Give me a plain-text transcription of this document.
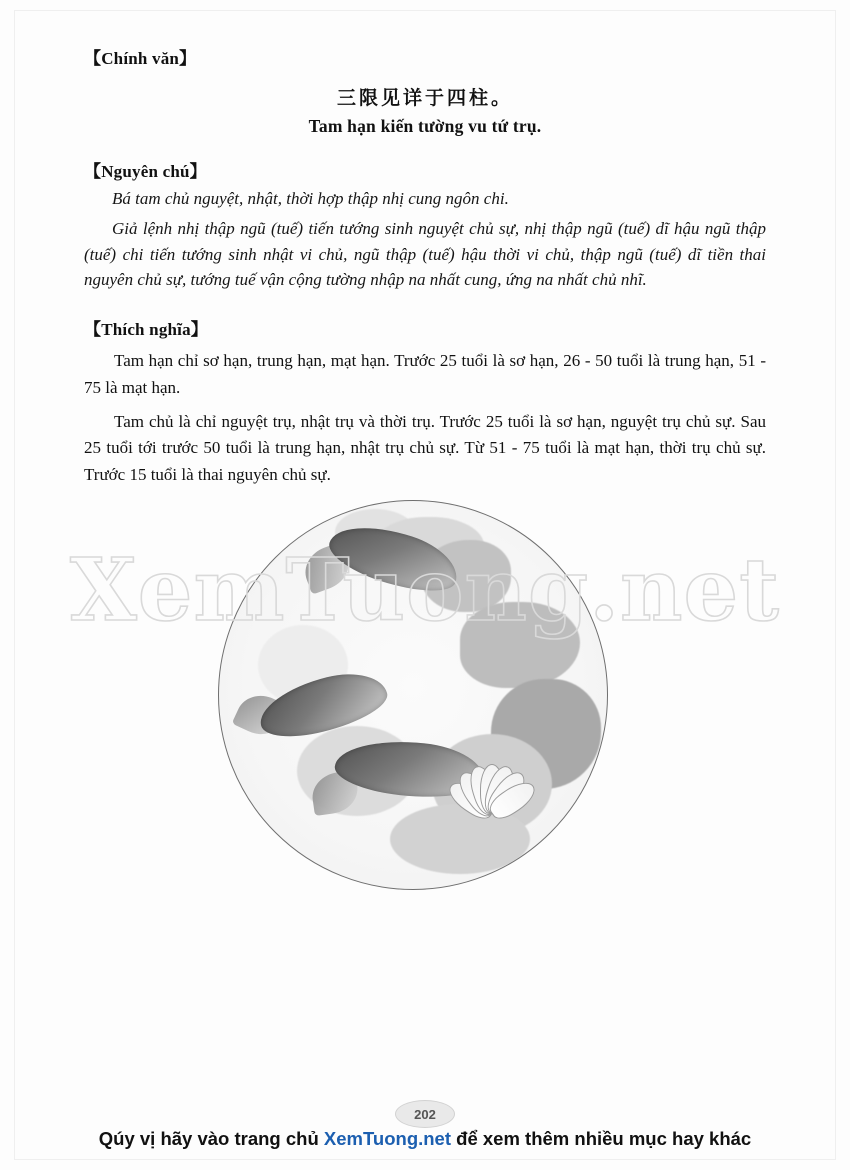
【Chính văn】

三限见详于四柱。

Tam hạn kiến tường vu tứ trụ.

【Nguyên chú】

Bá tam chủ nguyệt, nhật, thời hợp thập nhị cung ngôn chi.

Giả lệnh nhị thập ngũ (tuế) tiến tướng sinh nguyệt chủ sự, nhị thập ngũ (tuế) dĩ hậu ngũ thập (tuế) chi tiến tướng sinh nhật vi chủ, ngũ thập (tuế) hậu thời vi chủ, thập ngũ (tuế) dĩ tiền thai nguyên chủ sự, tướng tuế vận cộng tường nhập na nhất cung, ứng na nhất chủ nhĩ.

【Thích nghĩa】

Tam hạn chỉ sơ hạn, trung hạn, mạt hạn. Trước 25 tuổi là sơ hạn, 26 - 50 tuổi là trung hạn, 51 - 75 là mạt hạn.

Tam chủ là chỉ nguyệt trụ, nhật trụ và thời trụ. Trước 25 tuổi là sơ hạn, nguyệt trụ chủ sự. Sau 25 tuổi tới trước 50 tuổi là trung hạn, nhật trụ chủ sự. Từ 51 - 75 tuổi là mạt hạn, thời trụ chủ sự. Trước 15 tuổi là thai nguyên chủ sự.

202
Qúy vị hãy vào trang chủ XemTuong.net để xem thêm nhiều mục hay khác
